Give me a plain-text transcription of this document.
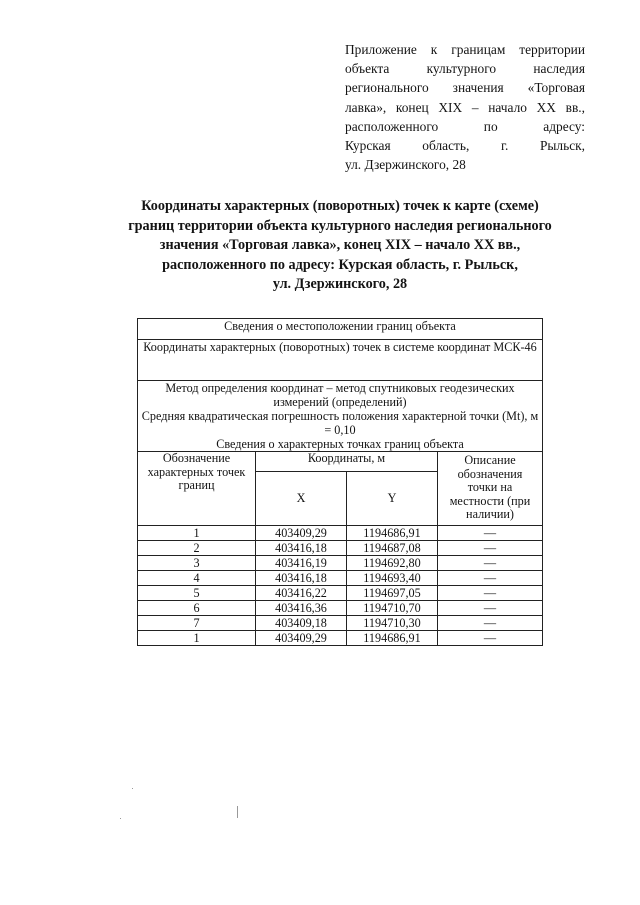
Приложение к границам территории
объекта культурного наследия
регионального значения «Торговая
лавка», конец XIX – начало XX вв.,
расположенного по адресу:
Курская область, г. Рыльск,
ул. Дзержинского, 28
Координаты характерных (поворотных) точек к карте (схеме)
границ территории объекта культурного наследия регионального
значения «Торговая лавка», конец XIX – начало XX вв.,
расположенного по адресу: Курская область, г. Рыльск,
ул. Дзержинского, 28
Сведения о местоположении границ объекта			
Координаты характерных (поворотных) точек в системе координат МСК-46			

Метод определения координат – метод спутниковых геодезических измерений (определений)
Средняя квадратическая погрешность положения характерной точки (Mt), м = 0,10
Сведения о характерных точках границ объекта			

Обозначение характерных точек границ	Координаты, м		Описание обозначения точки на местности (при наличии)
	X	Y	
1	403409,29	1194686,91	—
2	403416,18	1194687,08	—
3	403416,19	1194692,80	—
4	403416,18	1194693,40	—
5	403416,22	1194697,05	—
6	403416,36	1194710,70	—
7	403409,18	1194710,30	—
1	403409,29	1194686,91	—
